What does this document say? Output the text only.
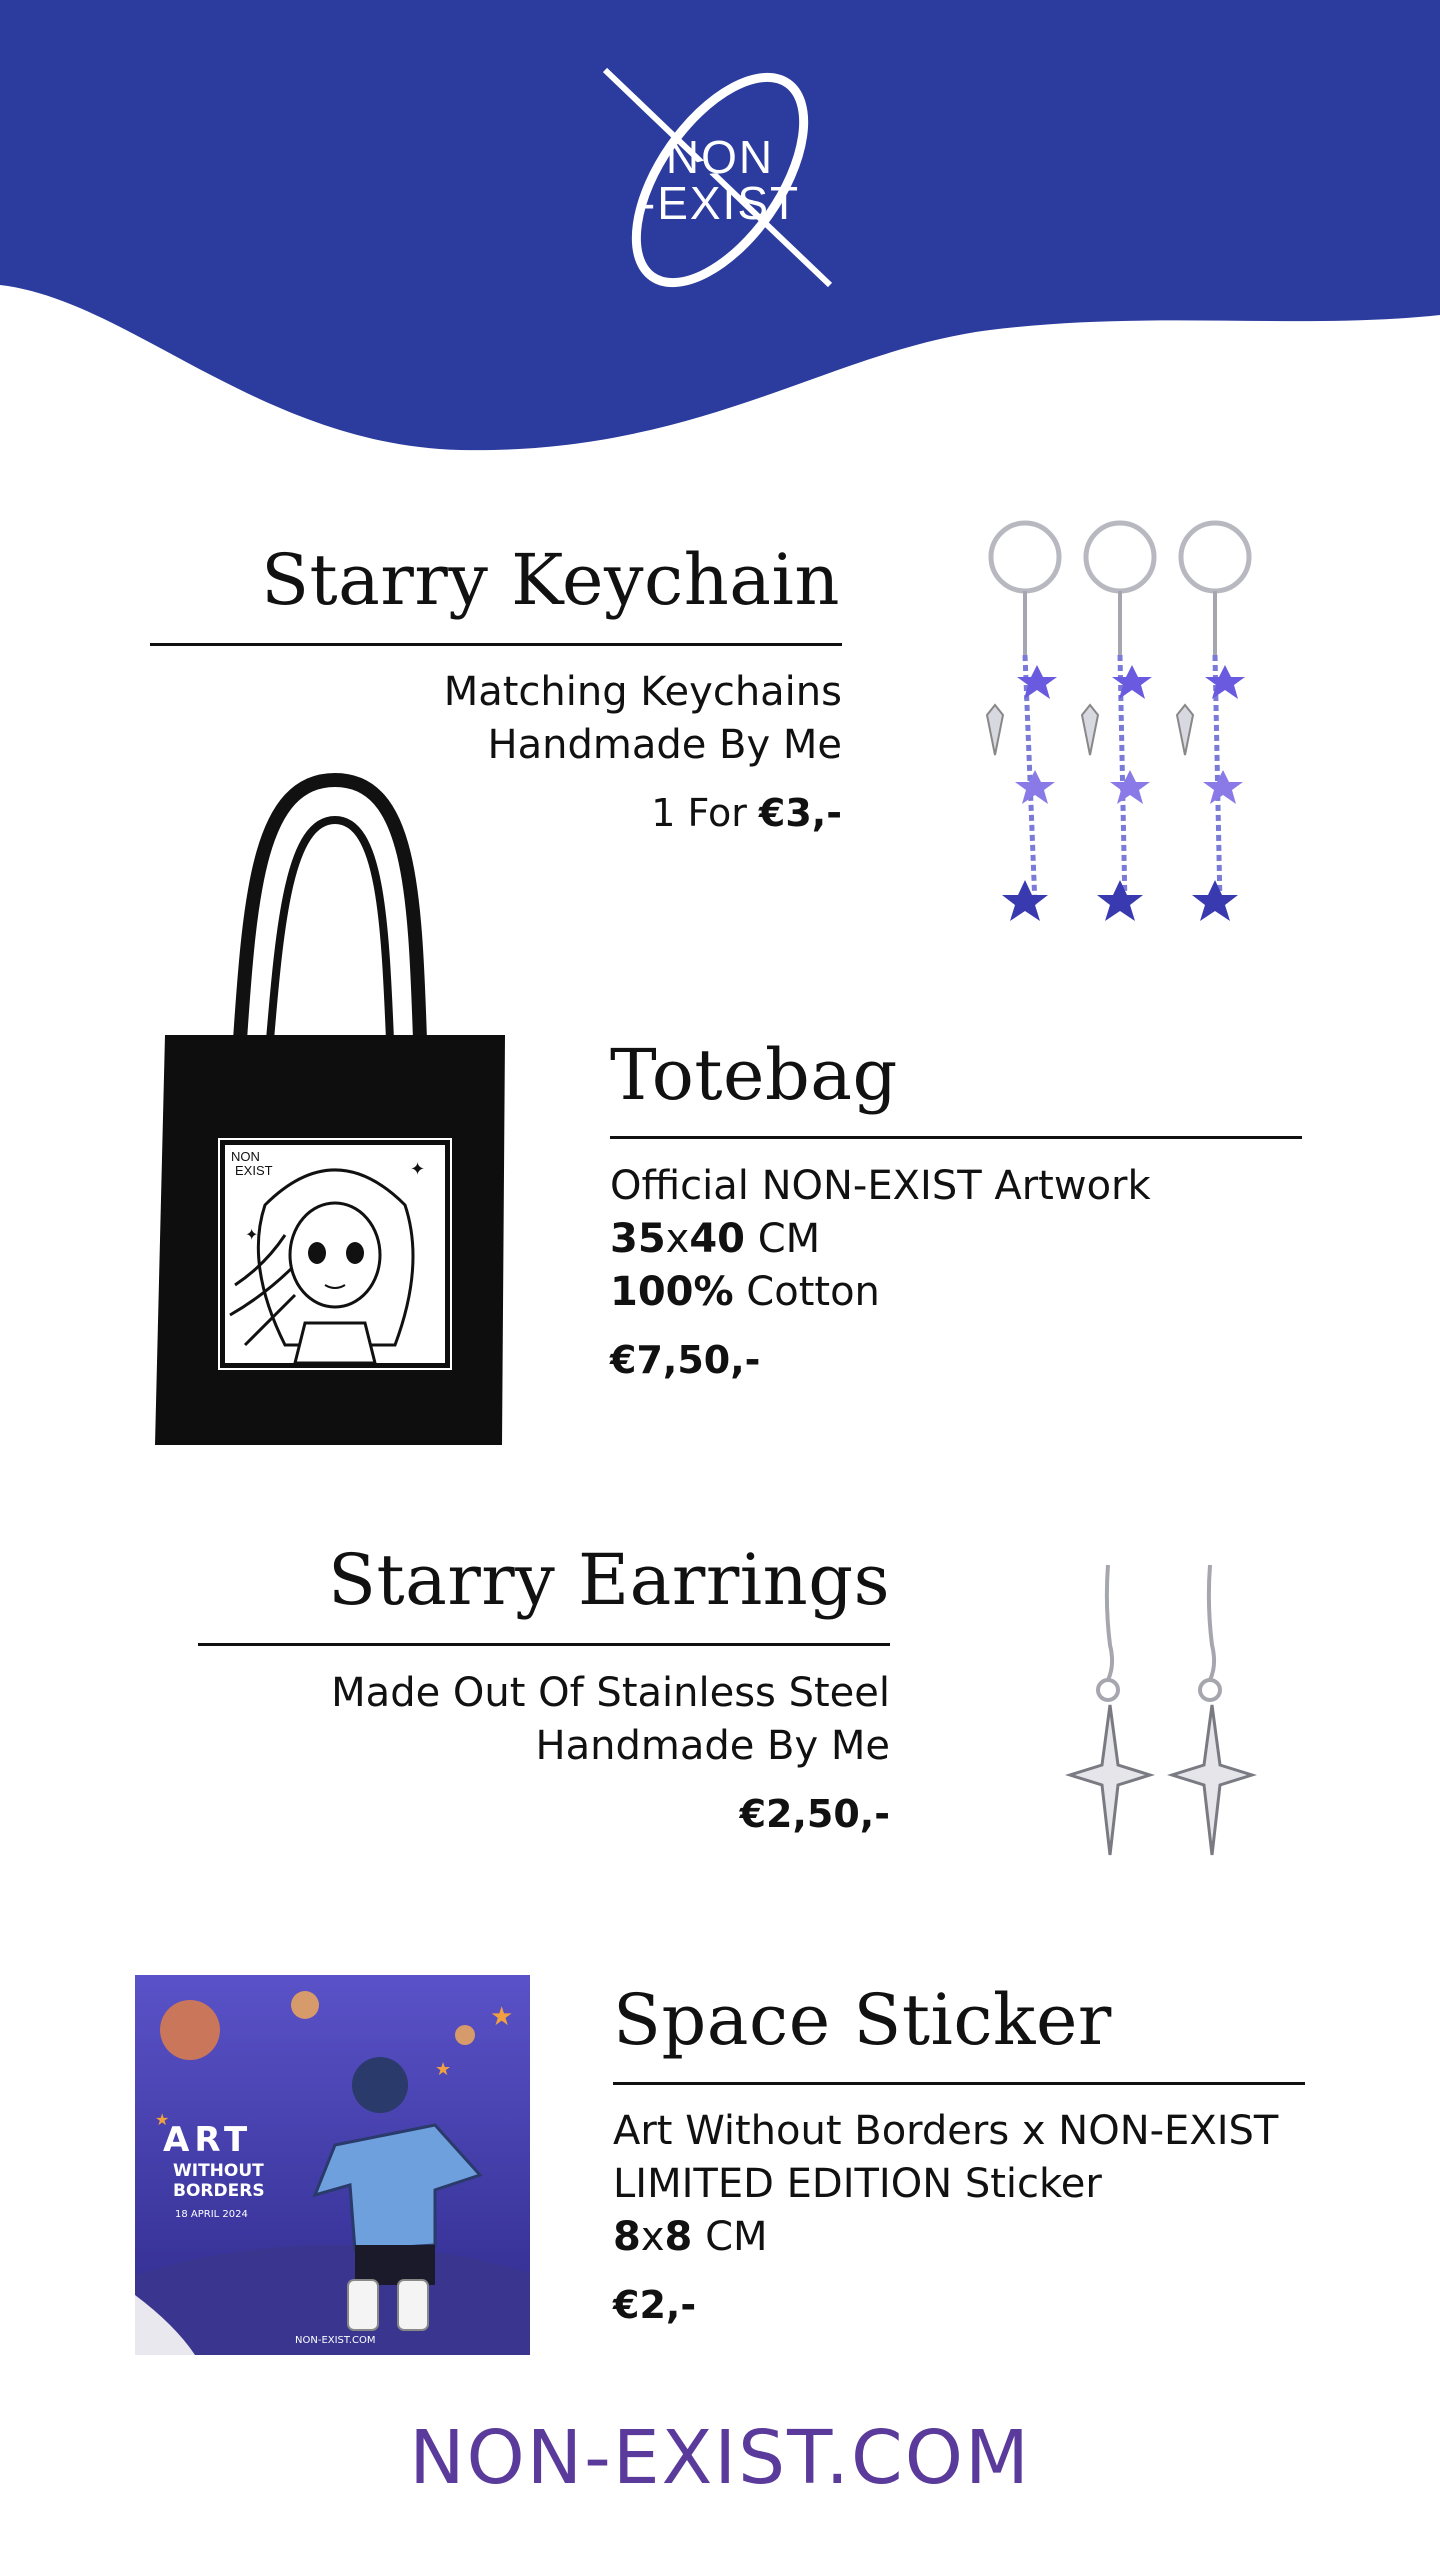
NON
-EXIST
Starry Keychain
Matching Keychains
Handmade By Me
1 For €3,-
✦
✦
NON
EXIST
Totebag
Official NON-EXIST Artwork
35x40 CM
100% Cotton
€7,50,-
Starry Earrings
Made Out Of Stainless Steel
Handmade By Me
€2,50,-
★
★
★
ART
WITHOUT
BORDERS
18 APRIL 2024
NON-EXIST.COM
Space Sticker
Art Without Borders x NON-EXIST
LIMITED EDITION Sticker
8x8 CM
€2,-
NON-EXIST.COM
